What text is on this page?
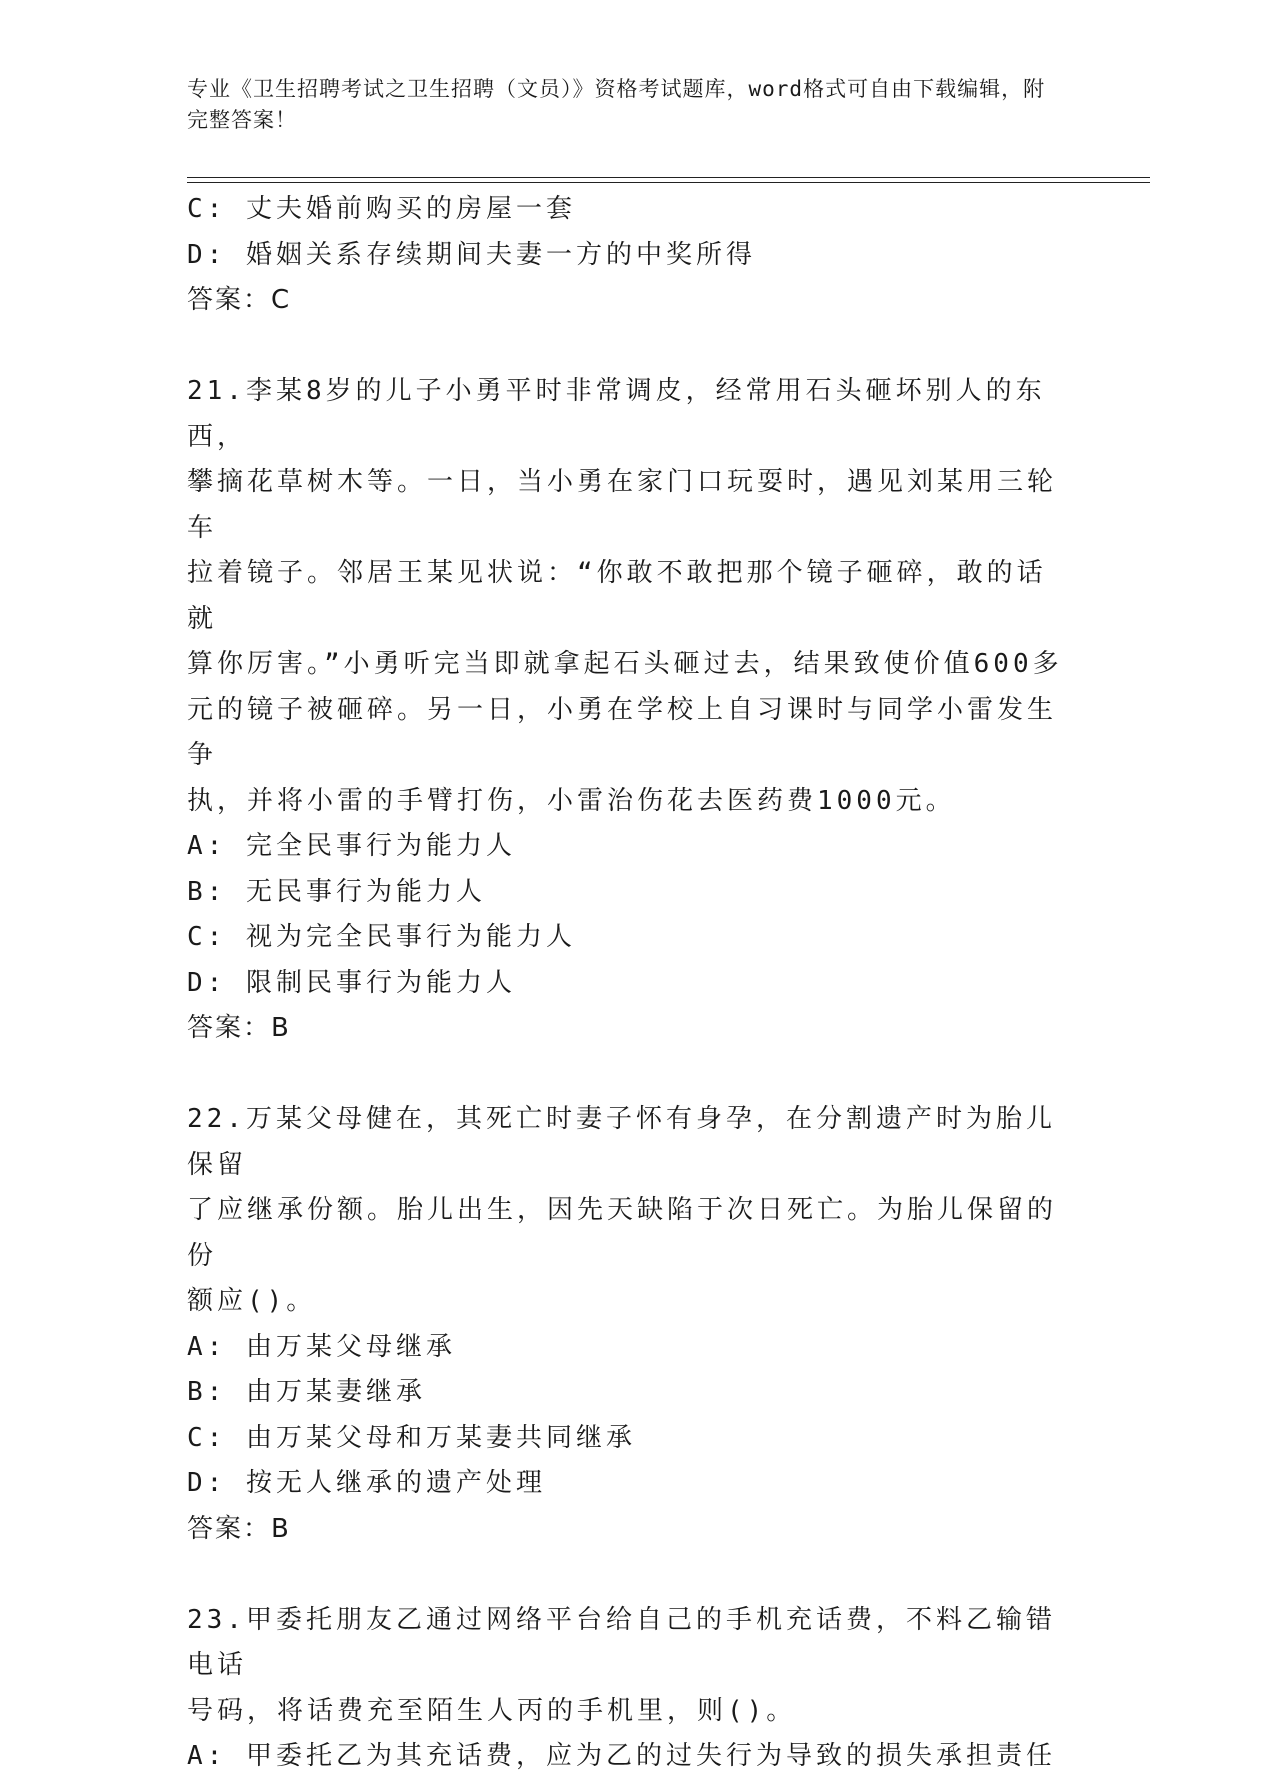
专业《卫生招聘考试之卫生招聘（文员）》资格考试题库，word格式可自由下载编辑，附完整答案！
C: 丈夫婚前购买的房屋一套
D: 婚姻关系存续期间夫妻一方的中奖所得
答案：C
21.李某8岁的儿子小勇平时非常调皮，经常用石头砸坏别人的东西，
攀摘花草树木等。一日，当小勇在家门口玩耍时，遇见刘某用三轮车
拉着镜子。邻居王某见状说：“你敢不敢把那个镜子砸碎，敢的话就
算你厉害。”小勇听完当即就拿起石头砸过去，结果致使价值600多
元的镜子被砸碎。另一日，小勇在学校上自习课时与同学小雷发生争
执，并将小雷的手臂打伤，小雷治伤花去医药费1000元。
A: 完全民事行为能力人
B: 无民事行为能力人
C: 视为完全民事行为能力人
D: 限制民事行为能力人
答案：B
22.万某父母健在，其死亡时妻子怀有身孕，在分割遗产时为胎儿保留
了应继承份额。胎儿出生，因先天缺陷于次日死亡。为胎儿保留的份
额应()。
A: 由万某父母继承
B: 由万某妻继承
C: 由万某父母和万某妻共同继承
D: 按无人继承的遗产处理
答案：B
23.甲委托朋友乙通过网络平台给自己的手机充话费，不料乙输错电话
号码，将话费充至陌生人丙的手机里，则()。
A: 甲委托乙为其充话费，应为乙的过失行为导致的损失承担责任
